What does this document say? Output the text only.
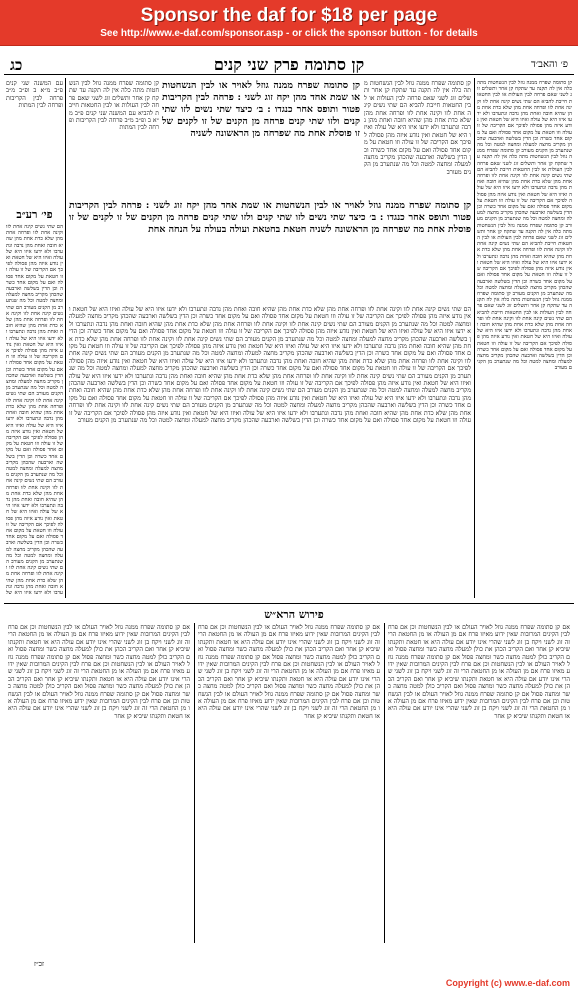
Sponsor the daf for $18 per page
See http://www.e-daf.com/sponsor.asp - or click the sponsor button - for details
כג	קן סתומה פרק שני קנים	פ׳ והאב׳ד
עם המשנה שני קנים פ״ב מ״א ב ופ״ב מ״ב פרחה לבין הקריבות ופרחה לבין המתות
פי׳ רע״ב
הם שתי נשים קינה אחת לזו וקינה אחת לזו ופרחה אחת מהן שלא כדת אחת מהן שהיא חובה ואחת מהן נדבה ונתערבו ולא ידעו איזו היא של עולה ואיזו היא של חטאת ואין נודע איזה מהן פסולה לפיכך אם הקריבה של זו עולה וזו חטאת על מקום אחד פסולה ואם על מקום אחד כשרה וכן הדין בשלשה וארבעה שהכהן מקריב מחצה למעלה ומחצה למטה וכל מה שנתערב מן הקנים מעורב הם שתי נשים קינה אחת לזו וקינה אחת לזו ופרחה אחת מהן שלא כדת אחת מהן שהיא חובה ואחת מהן נדבה ונתערבו ולא ידעו איזו היא של עולה ואיזו היא של חטאת ואין נודע איזה מהן פסולה לפיכך אם הקריבה של זו עולה וזו חטאת על מקום אחד פסולה ואם על מקום אחד כשרה וכן הדין בשלשה וארבעה שהכהן מקריב מחצה למעלה ומחצה למטה וכל מה שנתערב מן הקנים מעורב הם שתי נשים קינה אחת לזו וקינה אחת לזו ופרחה אחת מהן שלא כדת אחת מהן שהיא חובה ואחת מהן נדבה ונתערבו ולא ידעו איזו היא של עולה ואיזו היא של חטאת ואין נודע איזה מהן פסולה לפיכך אם הקריבה של זו עולה וזו חטאת על מקום אחד פסולה ואם על מקום אחד כשרה וכן הדין בשלשה וארבעה שהכהן מקריב מחצה למעלה ומחצה למטה וכל מה שנתערב מן הקנים מעורב הם שתי נשים קינה אחת לזו וקינה אחת לזו ופרחה אחת מהן שלא כדת אחת מהן שהיא חובה ואחת מהן נדבה ונתערבו ולא ידעו איזו היא של עולה ואיזו היא של חטאת ואין נודע איזה מהן פסולה לפיכך אם הקריבה של זו עולה וזו חטאת על מקום אחד פסולה ואם על מקום אחד כשרה וכן הדין בשלשה וארבעה שהכהן מקריב מחצה למעלה ומחצה למטה וכל מה שנתערב מן הקנים מעורב הם שתי נשים קינה אחת לזו וקינה אחת לזו ופרחה אחת מהן שלא כדת אחת מהן שהיא חובה ואחת מהן נדבה ונתערבו ולא ידעו איזו היא של
קן סתומה שפרח ממנה גוזל לבין הנשחטות מתה כלה אין לה תקנה עד שתקח קן אחר ותשלים זוג לשני שאם פרחה לבין העולות או לבין החטאות חייבת להביא הם שתי נשים קינה אחת לזו וקינה אחת לזו ופרחה אחת מהן שלא כדת אחת מהן שהיא חובה ואחת מהן נדבה ונתערבו ולא ידעו איזו היא של עולה ואיזו היא של חטאת ואין נודע איזה מהן פסולה לפיכך אם הקריבה של זו עולה וזו חטאת על מקום אחד פסולה ואם על מקום אחד כשרה וכן הדין בשלשה וארבעה שהכהן מקריב מחצה למעלה ומחצה למטה וכל מה שנתערב מן הקנים מעורב קן סתומה שפרח ממנה גוזל לבין הנשחטות מתה כלה אין לה תקנה עד שתקח קן אחר ותשלים זוג לשני שאם פרחה לבין העולות או לבין החטאות חייבת להביא הם שתי נשים קינה אחת לזו וקינה אחת לזו ופרחה אחת מהן שלא כדת אחת מהן שהיא חובה ואחת מהן נדבה ונתערבו ולא ידעו איזו היא של עולה ואיזו היא של חטאת ואין נודע איזה מהן פסולה לפיכך אם הקריבה של זו עולה וזו חטאת על מקום אחד פסולה ואם על מקום אחד כשרה וכן הדין בשלשה וארבעה שהכהן מקריב מחצה למעלה ומחצה למטה וכל מה שנתערב מן הקנים מעורב קן סתומה שפרח ממנה גוזל לבין הנשחטות מתה כלה אין לה תקנה עד שתקח קן אחר ותשלים זוג לשני שאם פרחה לבין העולות או לבין החטאות חייבת להביא הם שתי נשים קינה אחת לזו וקינה אחת לזו ופרחה אחת מהן שלא כדת אחת מהן שהיא חובה ואחת מהן נדבה ונתערבו ולא ידעו איזו היא של עולה ואיזו היא של חטאת ואין נודע איזה מהן פסולה לפיכך אם הקריבה של זו עולה וזו חטאת על מקום אחד פסולה ואם על מקום אחד כשרה וכן הדין בשלשה וארבעה שהכהן מקריב מחצה למעלה ומחצה למטה וכל מה שנתערב מן הקנים מעורב קן סתומה שפרח ממנה גוזל לבין הנשחטות מתה כלה אין לה תקנה עד שתקח קן אחר ותשלים זוג לשני שאם פרחה לבין העולות או לבין החטאות חייבת להביא הם שתי נשים קינה אחת לזו וקינה אחת לזו ופרחה אחת מהן שלא כדת אחת מהן שהיא חובה ואחת מהן נדבה ונתערבו ולא ידעו איזו היא של עולה ואיזו היא של חטאת ואין נודע איזה מהן פסולה לפיכך אם הקריבה של זו עולה וזו חטאת על מקום אחד פסולה ואם על מקום אחד כשרה וכן הדין בשלשה וארבעה שהכהן מקריב מחצה למעלה ומחצה למטה וכל מה שנתערב מן הקנים מעורב
קן סתומה שפרח ממנה גוזל לבין הנשחטות מתה כלה אין לה תקנה עד שתקח קן אחר ותשלים זוג לשני שאם פרחה לבין העולות או לבין החטאות חייבת להביא עם המשנה שני קנים פ״ב מ״א ב ופ״ב מ״ב פרחה לבין הקריבות ופרחה לבין המתות
קן סתומה שפרח ממנה גוזל לבין הנשחטות מתה כלה אין לה תקנה עד שתקח קן אחר ותשלים זוג לשני שאם פרחה לבין העולות או לבין החטאות חייבת להביא הם שתי נשים קינה אחת לזו וקינה אחת לזו ופרחה אחת מהן שלא כדת אחת מהן שהיא חובה ואחת מהן נדבה ונתערבו ולא ידעו איזו היא של עולה ואיזו היא של חטאת ואין נודע איזה מהן פסולה לפיכך אם הקריבה של זו עולה וזו חטאת על מקום אחד פסולה ואם על מקום אחד כשרה וכן הדין בשלשה וארבעה שהכהן מקריב מחצה למעלה ומחצה למטה וכל מה שנתערב מן הקנים מעורב
קן סתומה שפרח ממנה גוזל לאויר או לבין הנשחטות או שמת אחד מהן יקח זוג לשני : פרחה לבין הקריבות פטור ותופס אחר כנגדו : ב׳ כיצד שתי נשים לזו שתי קנים ולזו שתי קנים פרחה מן הקנים של זו לקנים של זו פוסלת אחת מה שפרחה מן הראשונה לשניה
קן סתומה שפרח ממנה גוזל לאויר או לבין הנשחטות או שמת אחד מהן יקח זוג לשני : פרחה לבין הקריבות פטור ותופס אחר כנגדו : ב׳ כיצד שתי נשים לזו שתי קנים ולזו שתי קנים פרחה מן הקנים של זו לקנים של זו פוסלת אחת מה שפרחה מן הראשונה לשניה חטאת בחטאת ועולה בעולה על הנחה אחת
הם שתי נשים קינה אחת לזו וקינה אחת לזו ופרחה אחת מהן שלא כדת אחת מהן שהיא חובה ואחת מהן נדבה ונתערבו ולא ידעו איזו היא של עולה ואיזו היא של חטאת ואין נודע איזה מהן פסולה לפיכך אם הקריבה של זו עולה וזו חטאת על מקום אחד פסולה ואם על מקום אחד כשרה וכן הדין בשלשה וארבעה שהכהן מקריב מחצה למעלה ומחצה למטה וכל מה שנתערב מן הקנים מעורב הם שתי נשים קינה אחת לזו וקינה אחת לזו ופרחה אחת מהן שלא כדת אחת מהן שהיא חובה ואחת מהן נדבה ונתערבו ולא ידעו איזו היא של עולה ואיזו היא של חטאת ואין נודע איזה מהן פסולה לפיכך אם הקריבה של זו עולה וזו חטאת על מקום אחד פסולה ואם על מקום אחד כשרה וכן הדין בשלשה וארבעה שהכהן מקריב מחצה למעלה ומחצה למטה וכל מה שנתערב מן הקנים מעורב הם שתי נשים קינה אחת לזו וקינה אחת לזו ופרחה אחת מהן שלא כדת אחת מהן שהיא חובה ואחת מהן נדבה ונתערבו ולא ידעו איזו היא של עולה ואיזו היא של חטאת ואין נודע איזה מהן פסולה לפיכך אם הקריבה של זו עולה וזו חטאת על מקום אחד פסולה ואם על מקום אחד כשרה וכן הדין בשלשה וארבעה שהכהן מקריב מחצה למעלה ומחצה למטה וכל מה שנתערב מן הקנים מעורב הם שתי נשים קינה אחת לזו וקינה אחת לזו ופרחה אחת מהן שלא כדת אחת מהן שהיא חובה ואחת מהן נדבה ונתערבו ולא ידעו איזו היא של עולה ואיזו היא של חטאת ואין נודע איזה מהן פסולה לפיכך אם הקריבה של זו עולה וזו חטאת על מקום אחד פסולה ואם על מקום אחד כשרה וכן הדין בשלשה וארבעה שהכהן מקריב מחצה למעלה ומחצה למטה וכל מה שנתערב מן הקנים מעורב הם שתי נשים קינה אחת לזו וקינה אחת לזו ופרחה אחת מהן שלא כדת אחת מהן שהיא חובה ואחת מהן נדבה ונתערבו ולא ידעו איזו היא של עולה ואיזו היא של חטאת ואין נודע איזה מהן פסולה לפיכך אם הקריבה של זו עולה וזו חטאת על מקום אחד פסולה ואם על מקום אחד כשרה וכן הדין בשלשה וארבעה שהכהן מקריב מחצה למעלה ומחצה למטה וכל מה שנתערב מן הקנים מעורב הם שתי נשים קינה אחת לזו וקינה אחת לזו ופרחה אחת מהן שלא כדת אחת מהן שהיא חובה ואחת מהן נדבה ונתערבו ולא ידעו איזו היא של עולה ואיזו היא של חטאת ואין נודע איזה מהן פסולה לפיכך אם הקריבה של זו עולה וזו חטאת על מקום אחד פסולה ואם על מקום אחד כשרה וכן הדין בשלשה וארבעה שהכהן מקריב מחצה למעלה ומחצה למטה וכל מה שנתערב מן הקנים מעורב הם שתי נשים קינה אחת לזו וקינה אחת לזו ופרחה אחת מהן שלא כדת אחת מהן שהיא חובה ואחת מהן נדבה ונתערבו ולא ידעו איזו היא של עולה ואיזו היא של חטאת ואין נודע איזה מהן פסולה לפיכך אם הקריבה של זו עולה וזו חטאת על מקום אחד פסולה ואם על מקום אחד כשרה וכן הדין בשלשה וארבעה שהכהן מקריב מחצה למעלה ומחצה למטה וכל מה שנתערב מן הקנים מעורב
פירוש הרא״ש
אם קן סתומה שפרח ממנה גוזל לאויר העולם או לבין הנשחטות וכן אם פרח לבין הקינים המרובות שאין ידוע מאיזו פרח אם מן העולה או מן החטאת הרי זה זוג לשני ויקח בן זוג לשני שהרי אינו יודע אם עולה היא או חטאת ותקנתו שיביא קן אחר ואם הקריב הכהן את כולן למעלה מחצה כשר ומחצה פסול ואם הקריב כולן למטה מחצה כשר ומחצה פסול אם קן סתומה שפרח ממנה גוזל לאויר העולם או לבין הנשחטות וכן אם פרח לבין הקינים המרובות שאין ידוע מאיזו פרח אם מן העולה או מן החטאת הרי זה זוג לשני ויקח בן זוג לשני שהרי אינו יודע אם עולה היא או חטאת ותקנתו שיביא קן אחר ואם הקריב הכהן את כולן למעלה מחצה כשר ומחצה פסול ואם הקריב כולן למטה מחצה כשר ומחצה פסול אם קן סתומה שפרח ממנה גוזל לאויר העולם או לבין הנשחטות וכן אם פרח לבין הקינים המרובות שאין ידוע מאיזו פרח אם מן העולה או מן החטאת הרי זה זוג לשני ויקח בן זוג לשני שהרי אינו יודע אם עולה היא או חטאת ותקנתו שיביא קן אחר
אם קן סתומה שפרח ממנה גוזל לאויר העולם או לבין הנשחטות וכן אם פרח לבין הקינים המרובות שאין ידוע מאיזו פרח אם מן העולה או מן החטאת הרי זה זוג לשני ויקח בן זוג לשני שהרי אינו יודע אם עולה היא או חטאת ותקנתו שיביא קן אחר ואם הקריב הכהן את כולן למעלה מחצה כשר ומחצה פסול ואם הקריב כולן למטה מחצה כשר ומחצה פסול אם קן סתומה שפרח ממנה גוזל לאויר העולם או לבין הנשחטות וכן אם פרח לבין הקינים המרובות שאין ידוע מאיזו פרח אם מן העולה או מן החטאת הרי זה זוג לשני ויקח בן זוג לשני שהרי אינו יודע אם עולה היא או חטאת ותקנתו שיביא קן אחר ואם הקריב הכהן את כולן למעלה מחצה כשר ומחצה פסול ואם הקריב כולן למטה מחצה כשר ומחצה פסול אם קן סתומה שפרח ממנה גוזל לאויר העולם או לבין הנשחטות וכן אם פרח לבין הקינים המרובות שאין ידוע מאיזו פרח אם מן העולה או מן החטאת הרי זה זוג לשני ויקח בן זוג לשני שהרי אינו יודע אם עולה היא או חטאת ותקנתו שיביא קן אחר
אם קן סתומה שפרח ממנה גוזל לאויר העולם או לבין הנשחטות וכן אם פרח לבין הקינים המרובות שאין ידוע מאיזו פרח אם מן העולה או מן החטאת הרי זה זוג לשני ויקח בן זוג לשני שהרי אינו יודע אם עולה היא או חטאת ותקנתו שיביא קן אחר ואם הקריב הכהן את כולן למעלה מחצה כשר ומחצה פסול ואם הקריב כולן למטה מחצה כשר ומחצה פסול אם קן סתומה שפרח ממנה גוזל לאויר העולם או לבין הנשחטות וכן אם פרח לבין הקינים המרובות שאין ידוע מאיזו פרח אם מן העולה או מן החטאת הרי זה זוג לשני ויקח בן זוג לשני שהרי אינו יודע אם עולה היא או חטאת ותקנתו שיביא קן אחר ואם הקריב הכהן את כולן למעלה מחצה כשר ומחצה פסול ואם הקריב כולן למטה מחצה כשר ומחצה פסול אם קן סתומה שפרח ממנה גוזל לאויר העולם או לבין הנשחטות וכן אם פרח לבין הקינים המרובות שאין ידוע מאיזו פרח אם מן העולה או מן החטאת הרי זה זוג לשני ויקח בן זוג לשני שהרי אינו יודע אם עולה היא או חטאת ותקנתו שיביא קן אחר
זכ״ז
Copyright (c) www.e-daf.com
